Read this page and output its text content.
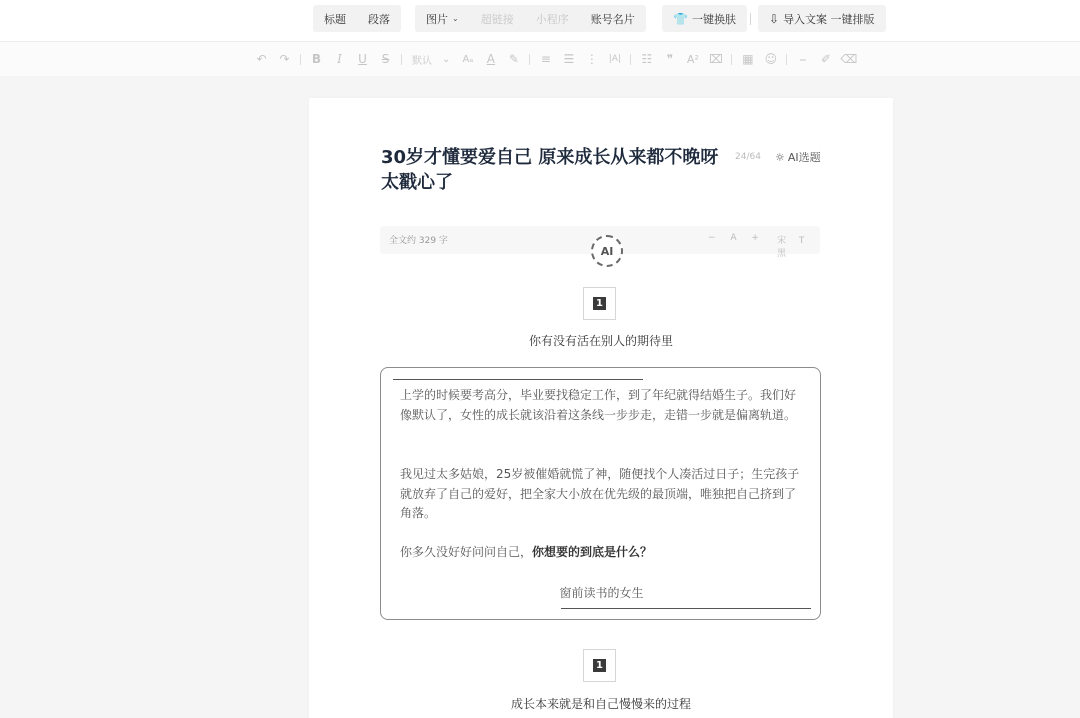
标题	段落	图片 ⌄	超链接	小程序	账号名片	👕 一键换肤	⇩ 导入文案 一键排版
↶	↷	B	I	U	S	默认 ⌄	Aₐ	A	✎	≡	☰ ⋮	|A|	☷	❞	A² ⌧	▦ ☺	⎯	✐ ⌫
30岁才懂要爱自己 原来成长从来都不晚呀太戳心了
24/64 ☼ AI选题
全文约 329 字	− A + 宋 T 黑
AI
1
你有没有活在别人的期待里

上学的时候要考高分，毕业要找稳定工作，到了年纪就得结婚生子。我们好像默认了，女性的成长就该沿着这条线一步步走，走错一步就是偏离轨道。

我见过太多姑娘，25岁被催婚就慌了神，随便找个人凑活过日子；生完孩子就放弃了自己的爱好，把全家大小放在优先级的最顶端，唯独把自己挤到了角落。

你多久没好好问问自己，你想要的到底是什么？

窗前读书的女生
1
成长本来就是和自己慢慢来的过程
